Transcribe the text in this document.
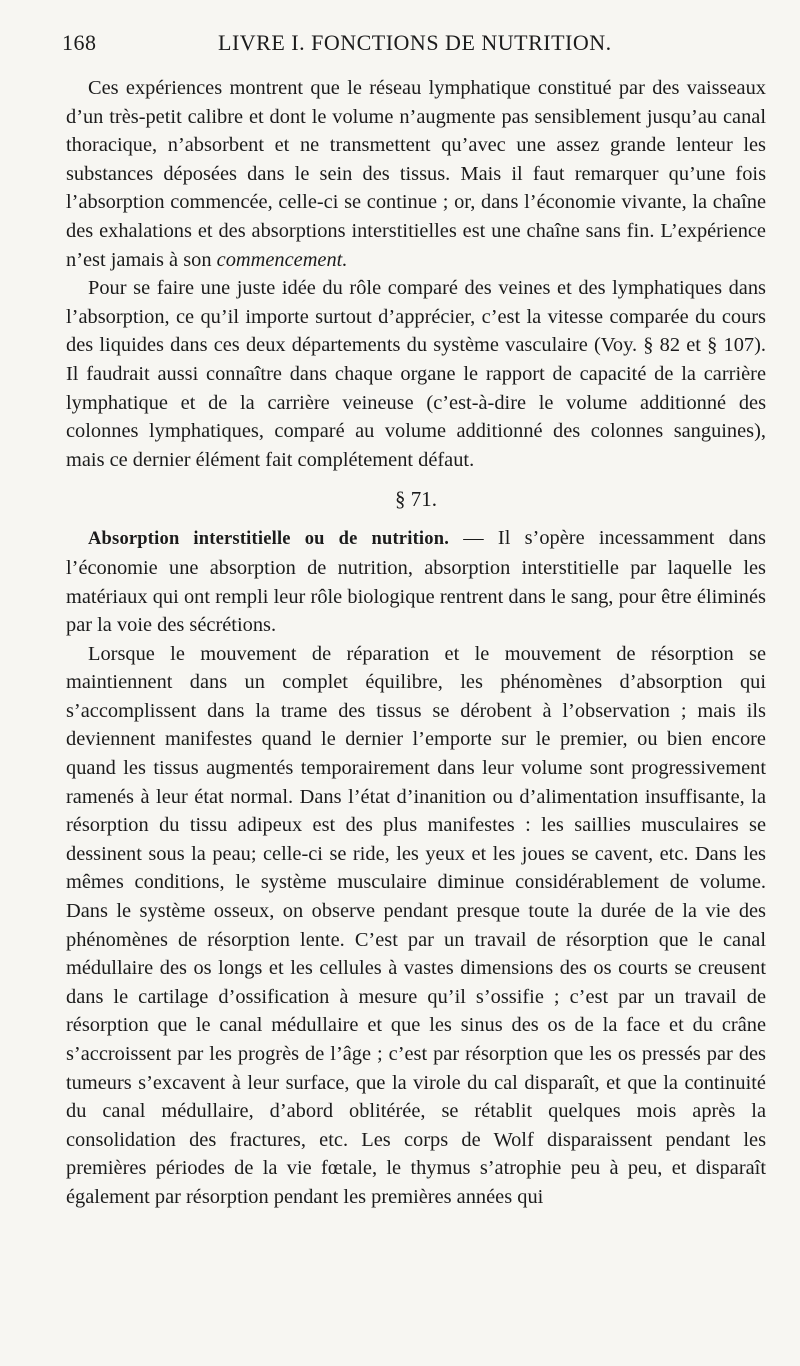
168	LIVRE I. FONCTIONS DE NUTRITION.

Ces expériences montrent que le réseau lymphatique constitué par des vaisseaux d’un très-petit calibre et dont le volume n’augmente pas sensiblement jusqu’au canal thoracique, n’absorbent et ne transmettent qu’avec une assez grande lenteur les substances déposées dans le sein des tissus. Mais il faut remarquer qu’une fois l’absorption commencée, celle-ci se continue ; or, dans l’économie vivante, la chaîne des exhalations et des absorptions interstitielles est une chaîne sans fin. L’expérience n’est jamais à son commencement.

Pour se faire une juste idée du rôle comparé des veines et des lymphatiques dans l’absorption, ce qu’il importe surtout d’apprécier, c’est la vitesse comparée du cours des liquides dans ces deux départements du système vasculaire (Voy. § 82 et § 107). Il faudrait aussi connaître dans chaque organe le rapport de capacité de la carrière lymphatique et de la carrière veineuse (c’est-à-dire le volume additionné des colonnes lymphatiques, comparé au volume additionné des colonnes sanguines), mais ce dernier élément fait complétement défaut.

§ 71.

Absorption interstitielle ou de nutrition. — Il s’opère incessamment dans l’économie une absorption de nutrition, absorption interstitielle par laquelle les matériaux qui ont rempli leur rôle biologique rentrent dans le sang, pour être éliminés par la voie des sécrétions.

Lorsque le mouvement de réparation et le mouvement de résorption se maintiennent dans un complet équilibre, les phénomènes d’absorption qui s’accomplissent dans la trame des tissus se dérobent à l’observation ; mais ils deviennent manifestes quand le dernier l’emporte sur le premier, ou bien encore quand les tissus augmentés temporairement dans leur volume sont progressivement ramenés à leur état normal. Dans l’état d’inanition ou d’alimentation insuffisante, la résorption du tissu adipeux est des plus manifestes : les saillies musculaires se dessinent sous la peau; celle-ci se ride, les yeux et les joues se cavent, etc. Dans les mêmes conditions, le système musculaire diminue considérablement de volume. Dans le système osseux, on observe pendant presque toute la durée de la vie des phénomènes de résorption lente. C’est par un travail de résorption que le canal médullaire des os longs et les cellules à vastes dimensions des os courts se creusent dans le cartilage d’ossification à mesure qu’il s’ossifie ; c’est par un travail de résorption que le canal médullaire et que les sinus des os de la face et du crâne s’accroissent par les progrès de l’âge ; c’est par résorption que les os pressés par des tumeurs s’excavent à leur surface, que la virole du cal disparaît, et que la continuité du canal médullaire, d’abord oblitérée, se rétablit quelques mois après la consolidation des fractures, etc. Les corps de Wolf disparaissent pendant les premières périodes de la vie fœtale, le thymus s’atrophie peu à peu, et disparaît également par résorption pendant les premières années qui
